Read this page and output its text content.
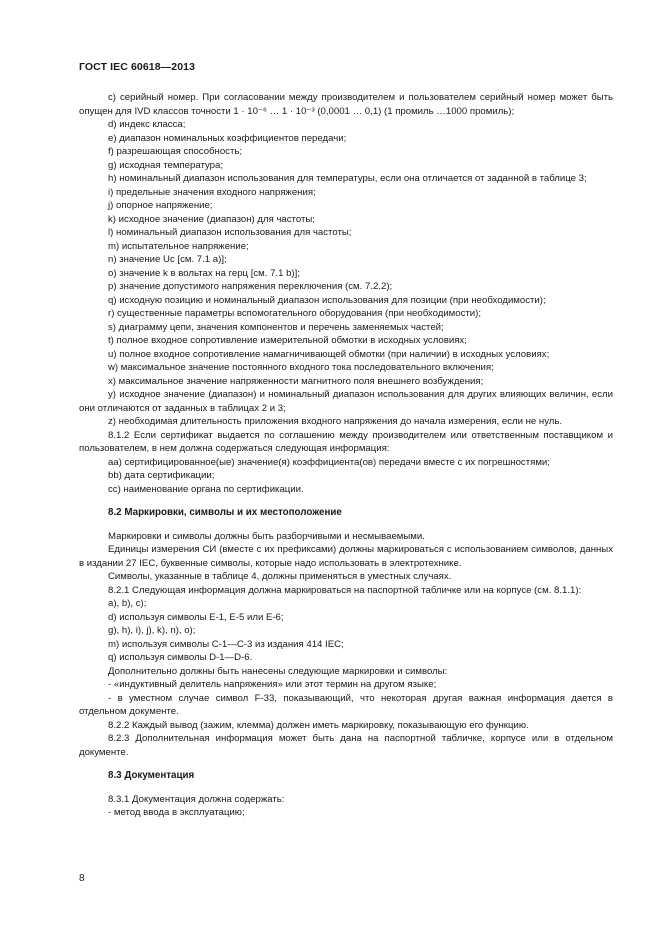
ГОСТ IEC 60618—2013

c) серийный номер. При согласовании между производителем и пользователем серийный номер может быть опущен для IVD классов точности 1 · 10⁻⁶ … 1 · 10⁻³ (0,0001 … 0,1) (1 промиль …1000 промиль);

d) индекс класса;

e) диапазон номинальных коэффициентов передачи;

f) разрешающая способность;

g) исходная температура;

h) номинальный диапазон использования для температуры, если она отличается от заданной в таблице 3;

i) предельные значения входного напряжения;

j) опорное напряжение;

k) исходное значение (диапазон) для частоты;

l) номинальный диапазон использования для частоты;

m) испытательное напряжение;

n) значение Uc [см. 7.1 a)];

o) значение k в вольтах на герц [см. 7.1 b)];

p) значение допустимого напряжения переключения (см. 7.2.2);

q) исходную позицию и номинальный диапазон использования для позиции (при необходимости);

r) существенные параметры вспомогательного оборудования (при необходимости);

s) диаграмму цепи, значения компонентов и перечень заменяемых частей;

t) полное входное сопротивление измерительной обмотки в исходных условиях;

u) полное входное сопротивление намагничивающей обмотки (при наличии) в исходных условиях;

w) максимальное значение постоянного входного тока последовательного включения;

x) максимальное значение напряженности магнитного поля внешнего возбуждения;

y) исходное значение (диапазон) и номинальный диапазон использования для других влияющих величин, если они отличаются от заданных в таблицах 2 и 3;

z) необходимая длительность приложения входного напряжения до начала измерения, если не нуль.

8.1.2 Если сертификат выдается по соглашению между производителем или ответственным поставщиком и пользователем, в нем должна содержаться следующая информация:

aa) сертифицированное(ые) значение(я) коэффициента(ов) передачи вместе с их погрешностями;

bb) дата сертификации;

cc) наименование органа по сертификации.

8.2 Маркировки, символы и их местоположение

Маркировки и символы должны быть разборчивыми и несмываемыми.

Единицы измерения СИ (вместе с их префиксами) должны маркироваться с использованием символов, данных в издании 27 IEC, буквенные символы, которые надо использовать в электротехнике.

Символы, указанные в таблице 4, должны применяться в уместных случаях.

8.2.1 Следующая информация должна маркироваться на паспортной табличке или на корпусе (см. 8.1.1):

a), b), c);

d) используя символы E-1, E-5 или E-6;

g), h), i), j), k), n), o);

m) используя символы C-1—C-3 из издания 414 IEC;

q) используя символы D-1—D-6.

Дополнительно должны быть нанесены следующие маркировки и символы:

- «индуктивный делитель напряжения» или этот термин на другом языке;

- в уместном случае символ F-33, показывающий, что некоторая другая важная информация дается в отдельном документе.

8.2.2 Каждый вывод (зажим, клемма) должен иметь маркировку, показывающую его функцию.

8.2.3 Дополнительная информация может быть дана на паспортной табличке, корпусе или в отдельном документе.

8.3 Документация

8.3.1 Документация должна содержать:

- метод ввода в эксплуатацию;

8
